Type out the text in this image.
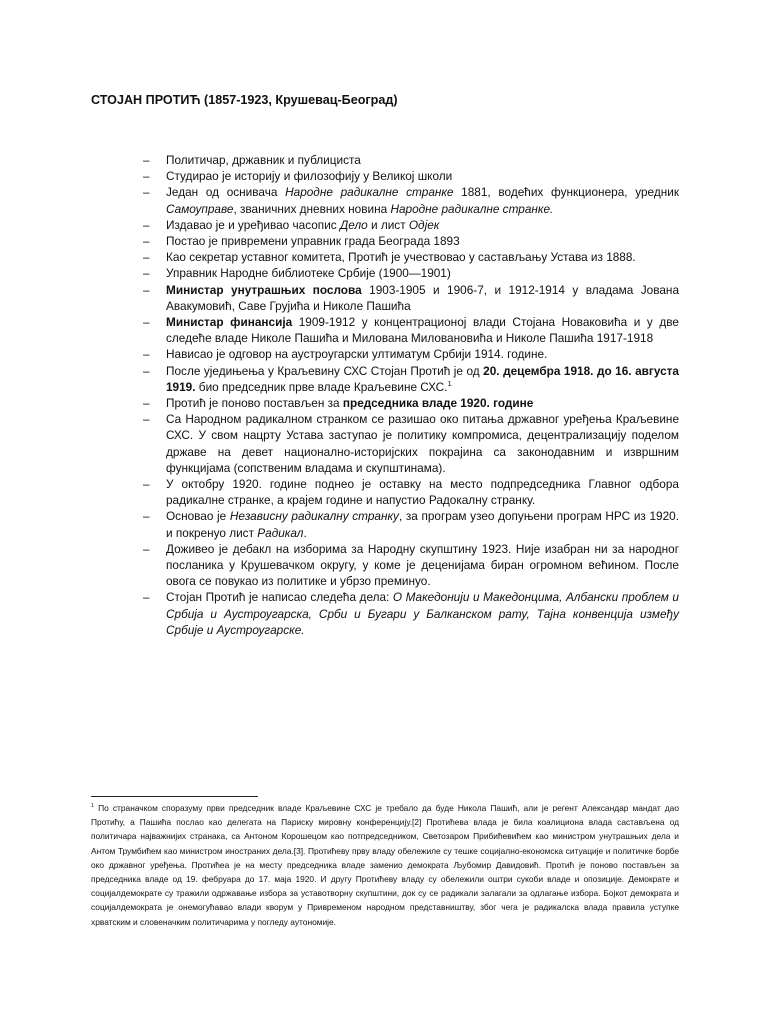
СТОЈАН ПРОТИЋ (1857-1923, Крушевац-Београд)
– Политичар, државник и публициста
– Студирао је историју и филозофију у Великој школи
– Један од оснивача Народне радикалне странке 1881, водећих функционера, уредник Самоуправе, званичних дневних новина Народне радикалне странке.
– Издавао је и уређивао часопис Дело и лист Одјек
– Постао је привремени управник града Београда 1893
– Као секретар уставног комитета, Протић је учествовао у састављању Устава из 1888.
– Управник Народне библиотеке Србије (1900—1901)
– Министар унутрашњих послова 1903-1905 и 1906-7, и 1912-1914 у владама Јована Авакумовић, Саве Грујића и Николе Пашића
– Министар финансија 1909-1912 у концентрационој влади Стојана Новаковића и у две следеће владе Николе Пашића и Милована Миловановића и Николе Пашића 1917-1918
– Нависао је одговор на аустроугарски ултиматум Србији 1914. године.
– После уједињења у Краљевину СХС Стојан Протић је од 20. децембра 1918. до 16. августа 1919. био председник прве владе Краљевине СХС.$^1$
– Протић је поново постављен за председника владе 1920. године
– Са Народном радикалном странком се разишао око питања државног уређења Краљевине СХС. У свом нацрту Устава заступао је политику компромиса, децентрализацију поделом државе на девет национално-историјских покрајина са законодавним и извршним функцијама (сопственим владама и скупштинама).
– У октобру 1920. године поднео је оставку на место подпредседника Главног одбора радикалне странке, а крајем године и напустио Радокалну странку.
– Основао је Независну радикалну странку, за програм узео допуњени програм НРС из 1920. и покренуо лист Радикал.
– Доживео је дебакл на изборима за Народну скупштину 1923. Није изабран ни за народног посланика у Крушевачком округу, у коме је деценијама биран огромном већином. После овога се повукао из политике и убрзо преминуо.
– Стојан Протић је написао следећа дела: О Македонији и Македонцима, Албански проблем и Србија и Аустроугарска, Срби и Бугари у Балканском рату, Тајна конвенција између Србије и Аустроугарске.
$^1$ По страначком споразуму први председник владе Краљевине СХС је требало да буде Никола Пашић, али је регент Александар мандат дао Протићу, а Пашића послао као делегата на Париску мировну конференцију.[2] Протићева влада је била коалициона влада састављена од политичара најважнијих странака, са Антоном Корошецом као потпредседником, Светозаром Прибићевићем као министром унутрашњих дела и Антом Трумбићем као министром иностраних дела.[3]. Протићеву прву владу обележиле су тешке социјално-економска ситуације и политичке борбе око државног уређења. Протићеа је на месту председника владе заменио демократа Љубомир Давидовић. Протић је поново постављен за председника владе од 19. фебруара до 17. маја 1920. И другу Протићеву владу су обележили оштри сукоби владе и опозиције. Демократе и социјалдемократе су тражили одржавање избора за уставотворну скупштини, док су се радикали залагали за одлагање избора. Бојкот демократа и социјалдемократа је онемогућавао влади кворум у Привременом народном представништву, због чега је радикалска влада правила уступке хрватским и словеначким политичарима у погледу аутономије.
